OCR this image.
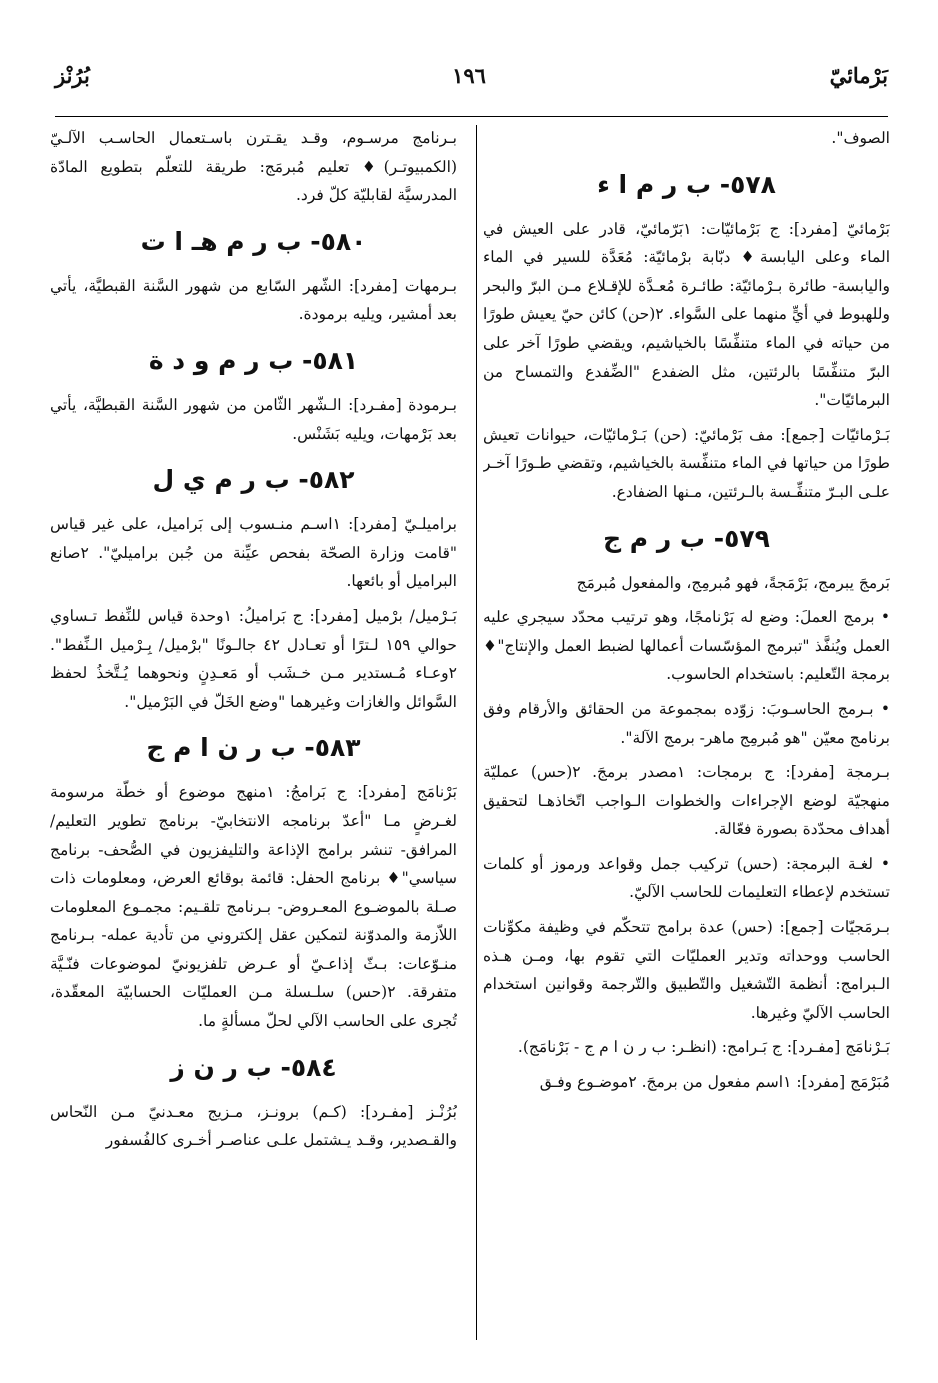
بَرْمائيّ
١٩٦
بُرُنْز

الصوف".

٥٧٨- ب ر م ا ء

بَرْمائيّ [مفرد]: ج بَرْمائيّات: ١بَرّمائيّ، قادر على العيش في الماء وعلى اليابسة♦ دبّابة برْمائيّة: مُعَدَّة للسير في الماء واليابسة- طائرة بـرْمائيّة: طائـرة مُعـدَّة للإقـلاع مـن البرّ والبحر وللهبوط في أيٍّ منهما على السَّواء. ٢(حن) كائن حيّ يعيش طورًا من حياته في الماء متنفِّسًا بالخياشيم، ويقضي طورًا آخر على البرّ متنفِّسًا بالرئتين، مثل الضفدع "الضِّفدع والتمساح من البرمائيّات".

بَـرْمائيّات [جمع]: مف بَرْمائيّ: (حن) بَـرْمائيّات، حيوانات تعيش طورًا من حياتها في الماء متنفِّسة بالخياشيم، وتقضي طـورًا آخـر علـى البـرّ متنفِّـسة بالـرئتين، مـنها الضفادع.

٥٧٩- ب ر م ج

بَرمجَ يبرمج، بَرْمَجةً، فهو مُبرمِج، والمفعول مُبرمَج

• برمج العملَ: وضع له بَرْنامجًا، وهو ترتيب محدّد سيجري عليه العمل ويُنفَّذ "تبرمج المؤسّسات أعمالها لضبط العمل والإنتاج"♦ برمجة التّعليم: باستخدام الحاسوب.

• بـرمج الحاسـوبَ: زوّده بمجموعة من الحقائق والأرقام وفق برنامج معيّن "هو مُبرمِج ماهر- برمج الآلة".

بـرمجة [مفرد]: ج برمجات: ١مصدر برمجَ. ٢(حس) عمليّة منهجيّة لوضع الإجراءات والخطوات الـواجب اتّخاذهـا لتحقيق أهداف محدّدة بصورة فعّالة.

• لغـة البرمجة: (حس) تركيب جمل وقواعد ورموز أو كلمات تستخدم لإعطاء التعليمات للحاسب الآليّ.

بـرمَجيّات [جمع]: (حس) عدة برامج تتحكّم في وظيفة مكوِّنات الحاسب ووحداته وتدير العمليّات التي تقوم بها، ومـن هـذه الـبرامج: أنظمة التّشغيل والتّطبيق والتّرجمة وقوانين استخدام الحاسب الآليّ وغيرها.

بَـرْنامَج [مفـرد]: ج بَـرامج: (انظـر: ب ر ن ا م ج - بَرْنامَج).

مُبَرْمَج [مفرد]: ١اسم مفعول من برمجَ. ٢موضـوع وفـق

بـرنامج مرسـوم، وقـد يقـترن باسـتعمال الحاسـب الآلـيّ (الكمبيوتـر)♦ تعليم مُبرمَج: طريقة للتعلّم بتطويع المادّة المدرسيَّة لقابليّة كلّ فرد.

٥٨٠- ب ر م هـ ا ت

بـرمهات [مفرد]: الشّهر السّابع من شهور السَّنة القبطيَّة، يأتي بعد أمشير، ويليه برمودة.

٥٨١- ب ر م و د ة

بـرمودة [مفـرد]: الـشّهر الثّامن من شهور السَّنة القبطيَّة، يأتي بعد بَرْمهات، ويليه بَشَنْس.

٥٨٢- ب ر م ي ل

براميلـيّ [مفرد]: ١اسـم منـسوب إلى بَراميل، على غير قياس "قامت وزارة الصحّة بفحص عيِّنة من جُبن براميليّ". ٢صانع البراميل أو بائعها.

بَـرْميل/ برْميل [مفرد]: ج بَراميلُ: ١وحدة قياس للنِّفط تـساوي حوالي ١٥٩ لـترًا أو تعـادل ٤٢ جالـونًا "برْميل/ بِـرْميل الـنِّفط". ٢وعـاء مُـستدير مـن خـشَب أو مَعـدِنٍ ونحوهما يُـتَّخذُ لحفظ السَّوائل والغازات وغيرهما "وضع الخَلّ في البَرْميل".

٥٨٣- ب ر ن ا م ج

بَرْنامَج [مفرد]: ج بَرامجُ: ١منهج موضوع أو خطّة مرسومة لغـرضٍ مـا "أعدّ برنامجه الانتخابيّ- برنامج تطوير التعليم/ المرافق- تنشر برامج الإذاعة والتليفزيون في الصُّحف- برنامج سياسي"♦ برنامج الحفل: قائمة بوقائع العرض، ومعلومات ذات صـلة بالموضـوع المعـروض- بـرنامج تلقـيم: مجمـوع المعلومات اللاّزمة والمدوّنة لتمكين عقل إلكتروني من تأدية عمله- بـرنامج منـوّعات: بـثّ إذاعـيّ أو عـرض تلفزيونيّ لموضوعات فنّـيَّة متفرقة. ٢(حس) سلـسلة مـن العمليّات الحسابيّة المعقّدة، تُجرى على الحاسب الآلي لحلّ مسألةٍ ما.

٥٨٤- ب ر ن ز

بُرُنْـز [مفـرد]: (كـم) برونـز، مـزيج معـدنيّ مـن النّحاس والقـصدير، وقـد يـشتمل علـى عناصـر أخـرى كالفُسفور
